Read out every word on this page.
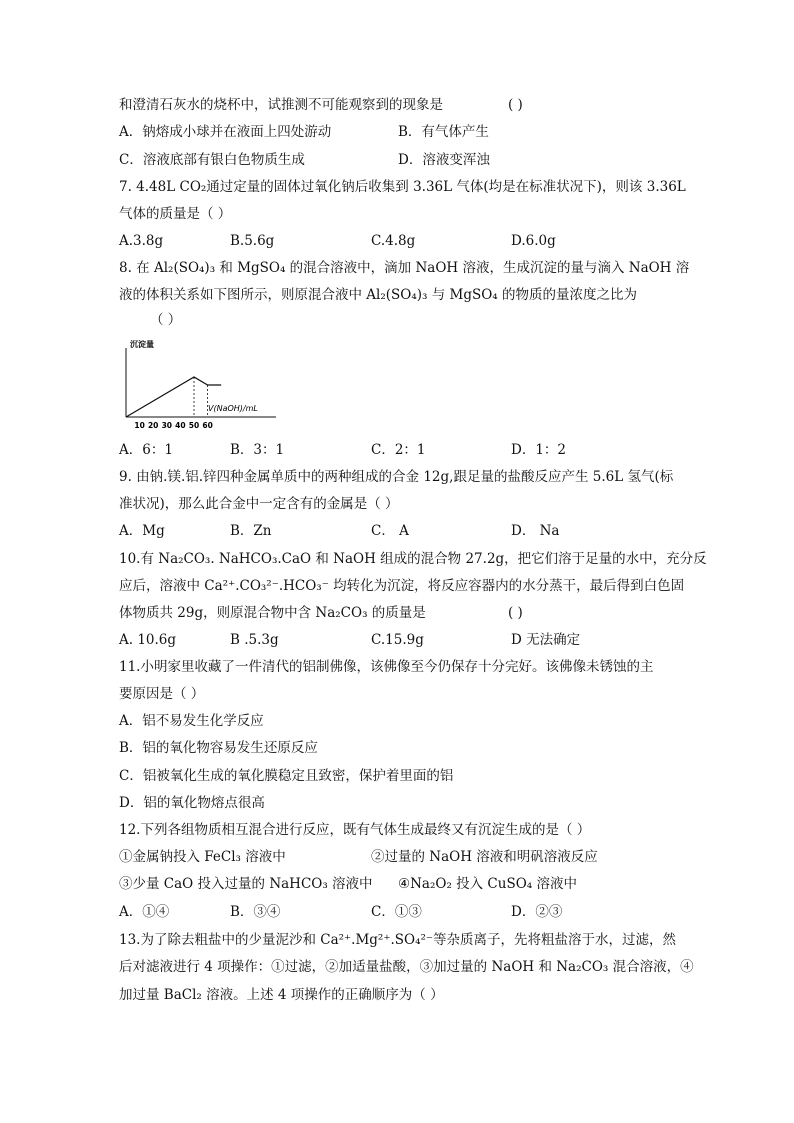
和澄清石灰水的烧杯中，试推测不可能观察到的现象是	( )
A．钠熔成小球并在液面上四处游动	B．有气体产生
C．溶液底部有银白色物质生成	D．溶液变浑浊
7. 4.48L CO₂通过定量的固体过氧化钠后收集到 3.36L 气体(均是在标准状况下)，则该 3.36L
气体的质量是（ ）
A.3.8g	B.5.6g	C.4.8g	D.6.0g
8. 在 Al₂(SO₄)₃ 和 MgSO₄ 的混合溶液中，滴加 NaOH 溶液，生成沉淀的量与滴入 NaOH 溶
液的体积关系如下图所示，则原混合液中 Al₂(SO₄)₃ 与 MgSO₄ 的物质的量浓度之比为
（ ）
沉淀量
V(NaOH)/mL
10 20 30 40 50 60
A．6：1	B．3：1	C．2：1	D．1：2
9. 由钠.镁.铝.锌四种金属单质中的两种组成的合金 12g,跟足量的盐酸反应产生 5.6L 氢气(标
准状况)，那么此合金中一定含有的金属是（ ）
A．Mg	B．Zn	C． A	D． Na
10.有 Na₂CO₃. NaHCO₃.CaO 和 NaOH 组成的混合物 27.2g，把它们溶于足量的水中，充分反
应后，溶液中 Ca²⁺.CO₃²⁻.HCO₃⁻ 均转化为沉淀，将反应容器内的水分蒸干，最后得到白色固
体物质共 29g，则原混合物中含 Na₂CO₃ 的质量是	( )
A. 10.6g	B .5.3g	C.15.9g	D 无法确定
11.小明家里收藏了一件清代的铝制佛像，该佛像至今仍保存十分完好。该佛像未锈蚀的主
要原因是（ ）
A．铝不易发生化学反应
B．铝的氧化物容易发生还原反应
C．铝被氧化生成的氧化膜稳定且致密，保护着里面的铝
D．铝的氧化物熔点很高
12.下列各组物质相互混合进行反应，既有气体生成最终又有沉淀生成的是（ ）
①金属钠投入 FeCl₃ 溶液中	②过量的 NaOH 溶液和明矾溶液反应
③少量 CaO 投入过量的 NaHCO₃ 溶液中 ④Na₂O₂ 投入 CuSO₄ 溶液中
A．①④	B．③④	C．①③	D．②③
13.为了除去粗盐中的少量泥沙和 Ca²⁺.Mg²⁺.SO₄²⁻等杂质离子，先将粗盐溶于水，过滤，然
后对滤液进行 4 项操作：①过滤，②加适量盐酸，③加过量的 NaOH 和 Na₂CO₃ 混合溶液，④
加过量 BaCl₂ 溶液。上述 4 项操作的正确顺序为（ ）
